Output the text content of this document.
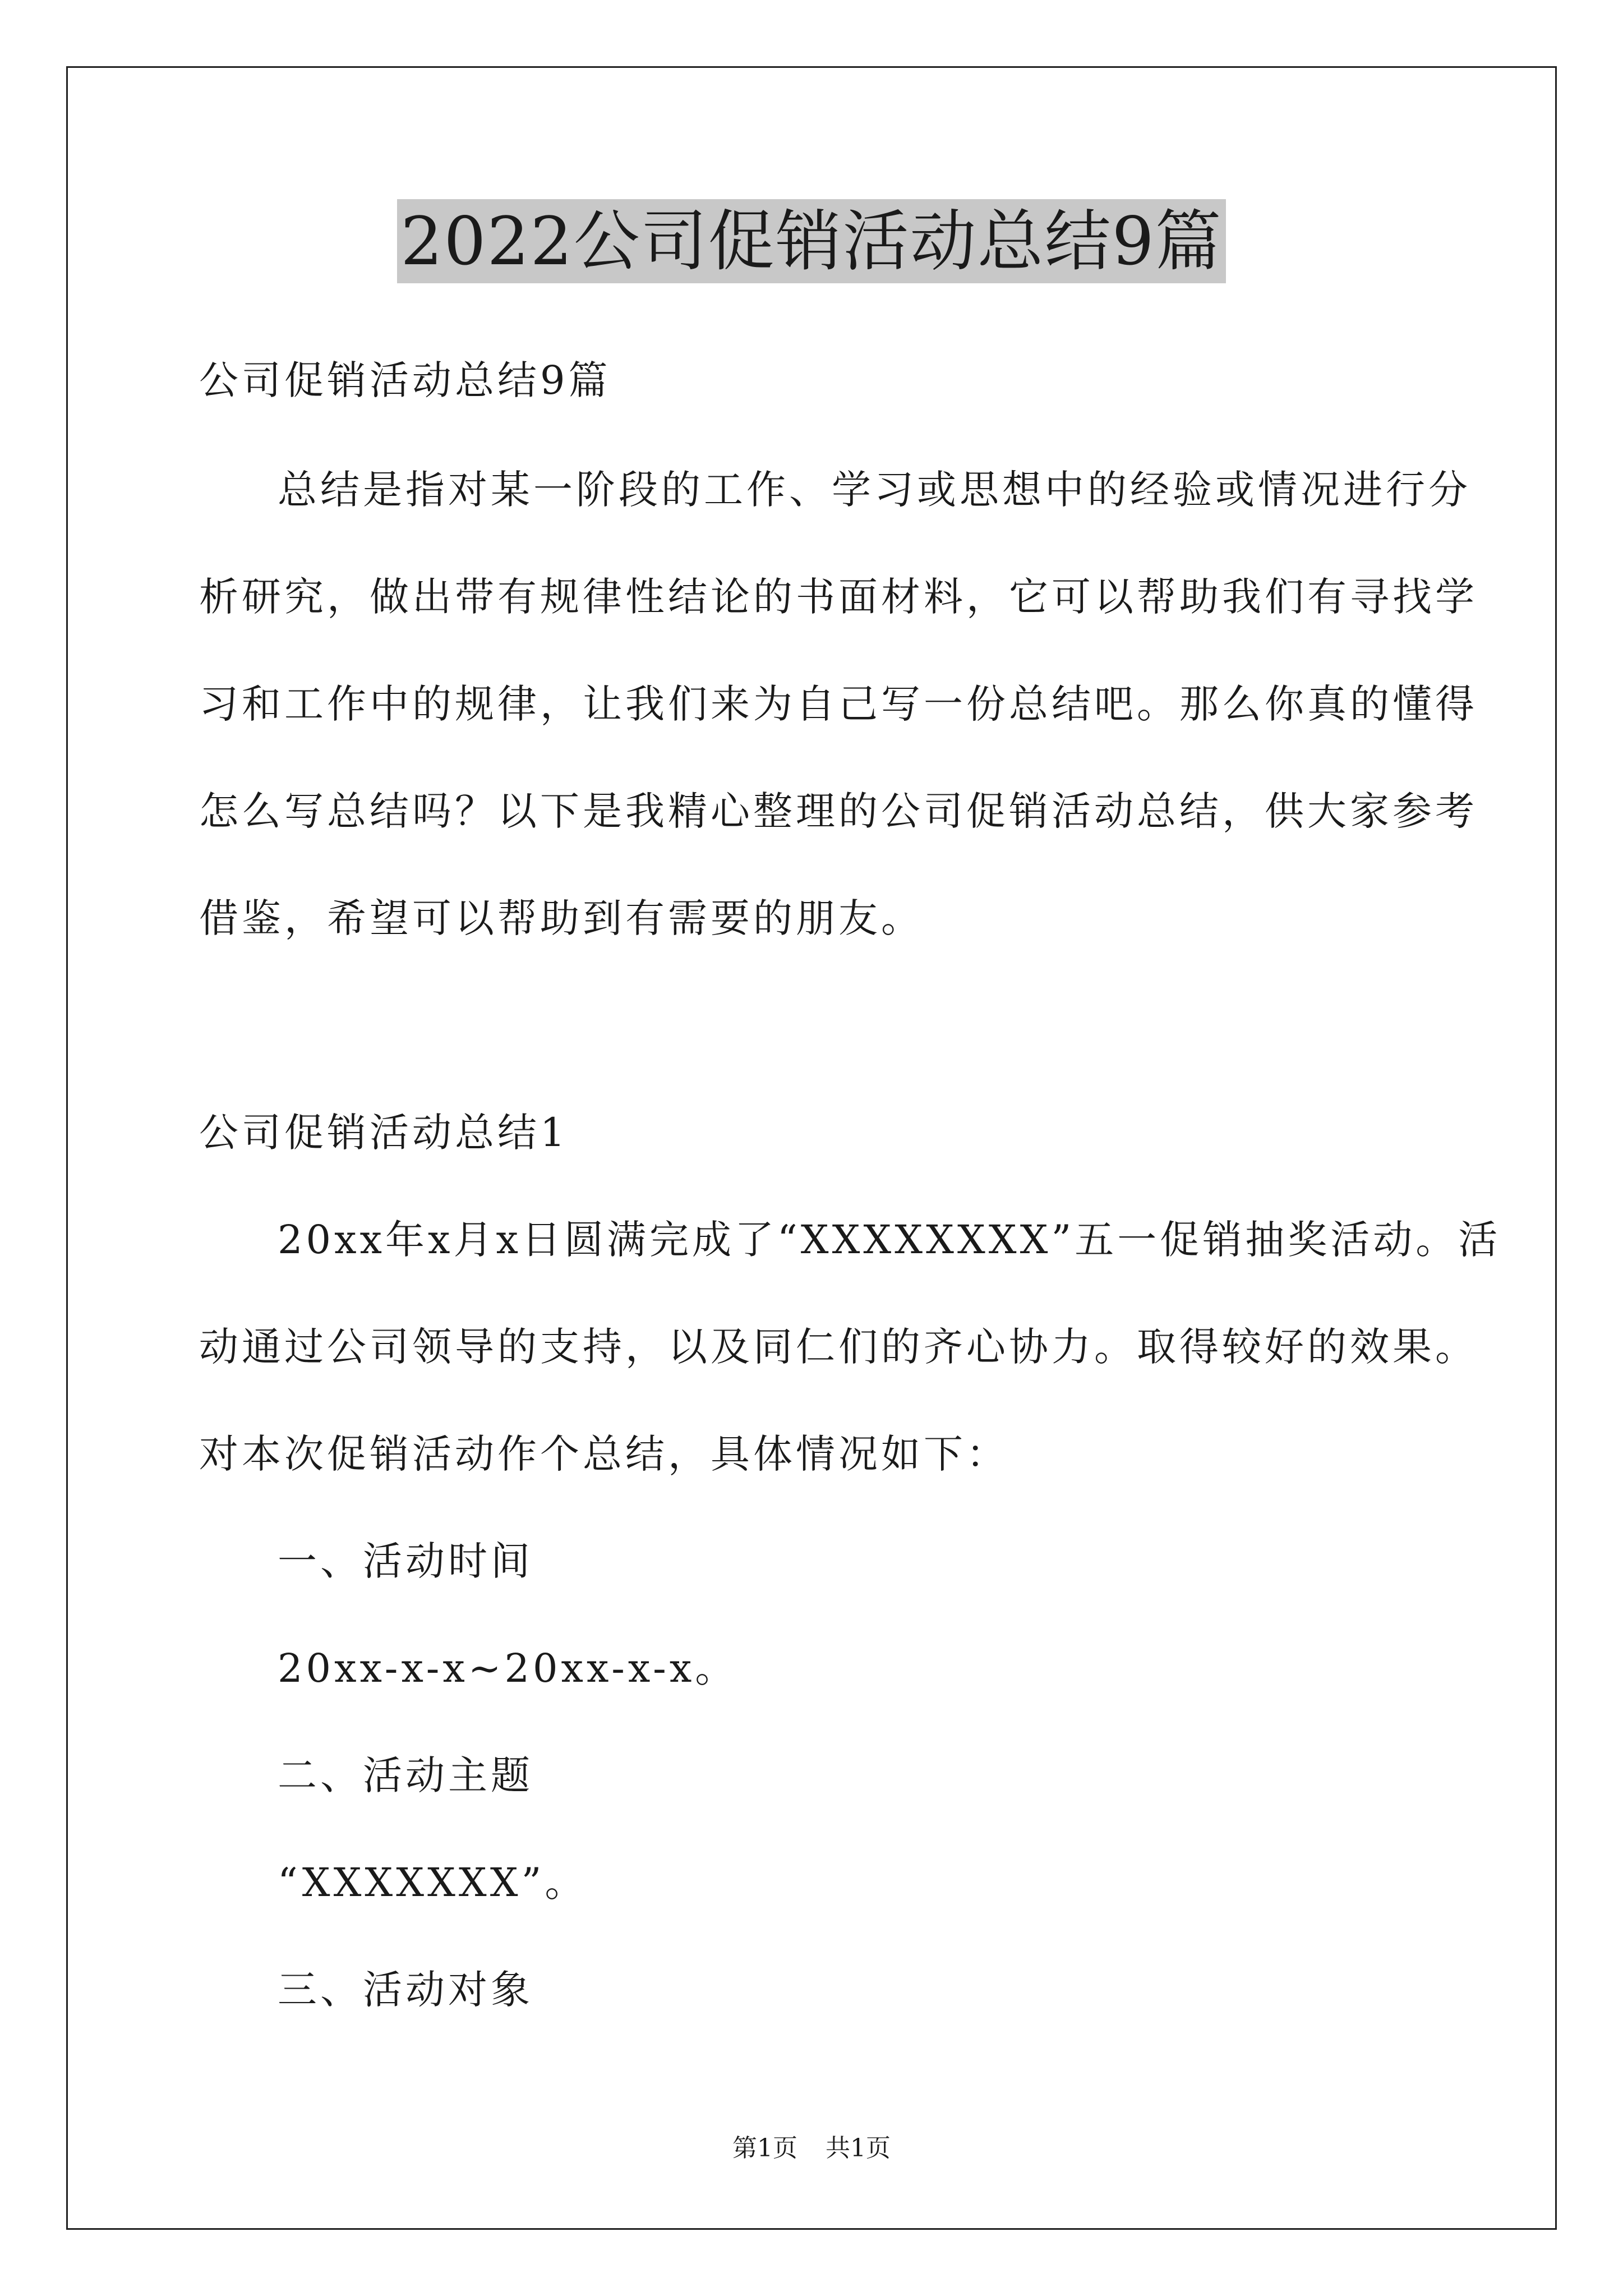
2022公司促销活动总结9篇
公司促销活动总结9篇
总结是指对某一阶段的工作、学习或思想中的经验或情况进行分
析研究，做出带有规律性结论的书面材料，它可以帮助我们有寻找学
习和工作中的规律，让我们来为自己写一份总结吧。那么你真的懂得
怎么写总结吗？以下是我精心整理的公司促销活动总结，供大家参考
借鉴，希望可以帮助到有需要的朋友。
公司促销活动总结1
20xx年x月x日圆满完成了“XXXXXXXX”五一促销抽奖活动。活
动通过公司领导的支持，以及同仁们的齐心协力。取得较好的效果。
对本次促销活动作个总结，具体情况如下：
一、活动时间
20xx-x-x~20xx-x-x。
二、活动主题
“XXXXXXX”。
三、活动对象
第1页 共1页
